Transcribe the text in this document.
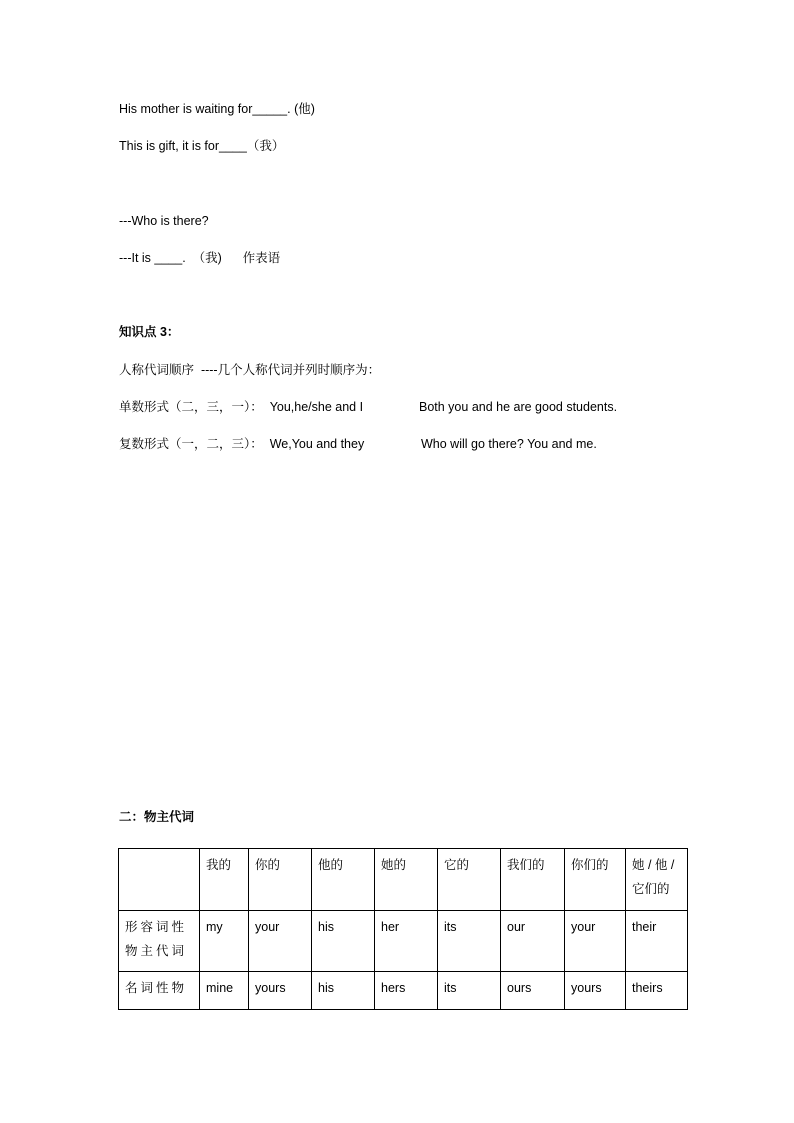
His mother is waiting for_____. (他)
This is gift, it is for____（我）
---Who is there?
---It is ____.  （我)      作表语
知识点 3：
人称代词顺序  ----几个人称代词并列时顺序为：
单数形式（二，三，一）：  You,he/she and I	Both you and he are good students.
复数形式（一，二，三）：  We,You and they	Who will go there? You and me.
二：物主代词
	我的	你的	他的	她的	它的	我们的	你们的	她 / 他 / 它们的
形容词性物主代词	my	your	his	her	its	our	your	their
名词性物	mine	yours	his	hers	its	ours	yours	theirs
